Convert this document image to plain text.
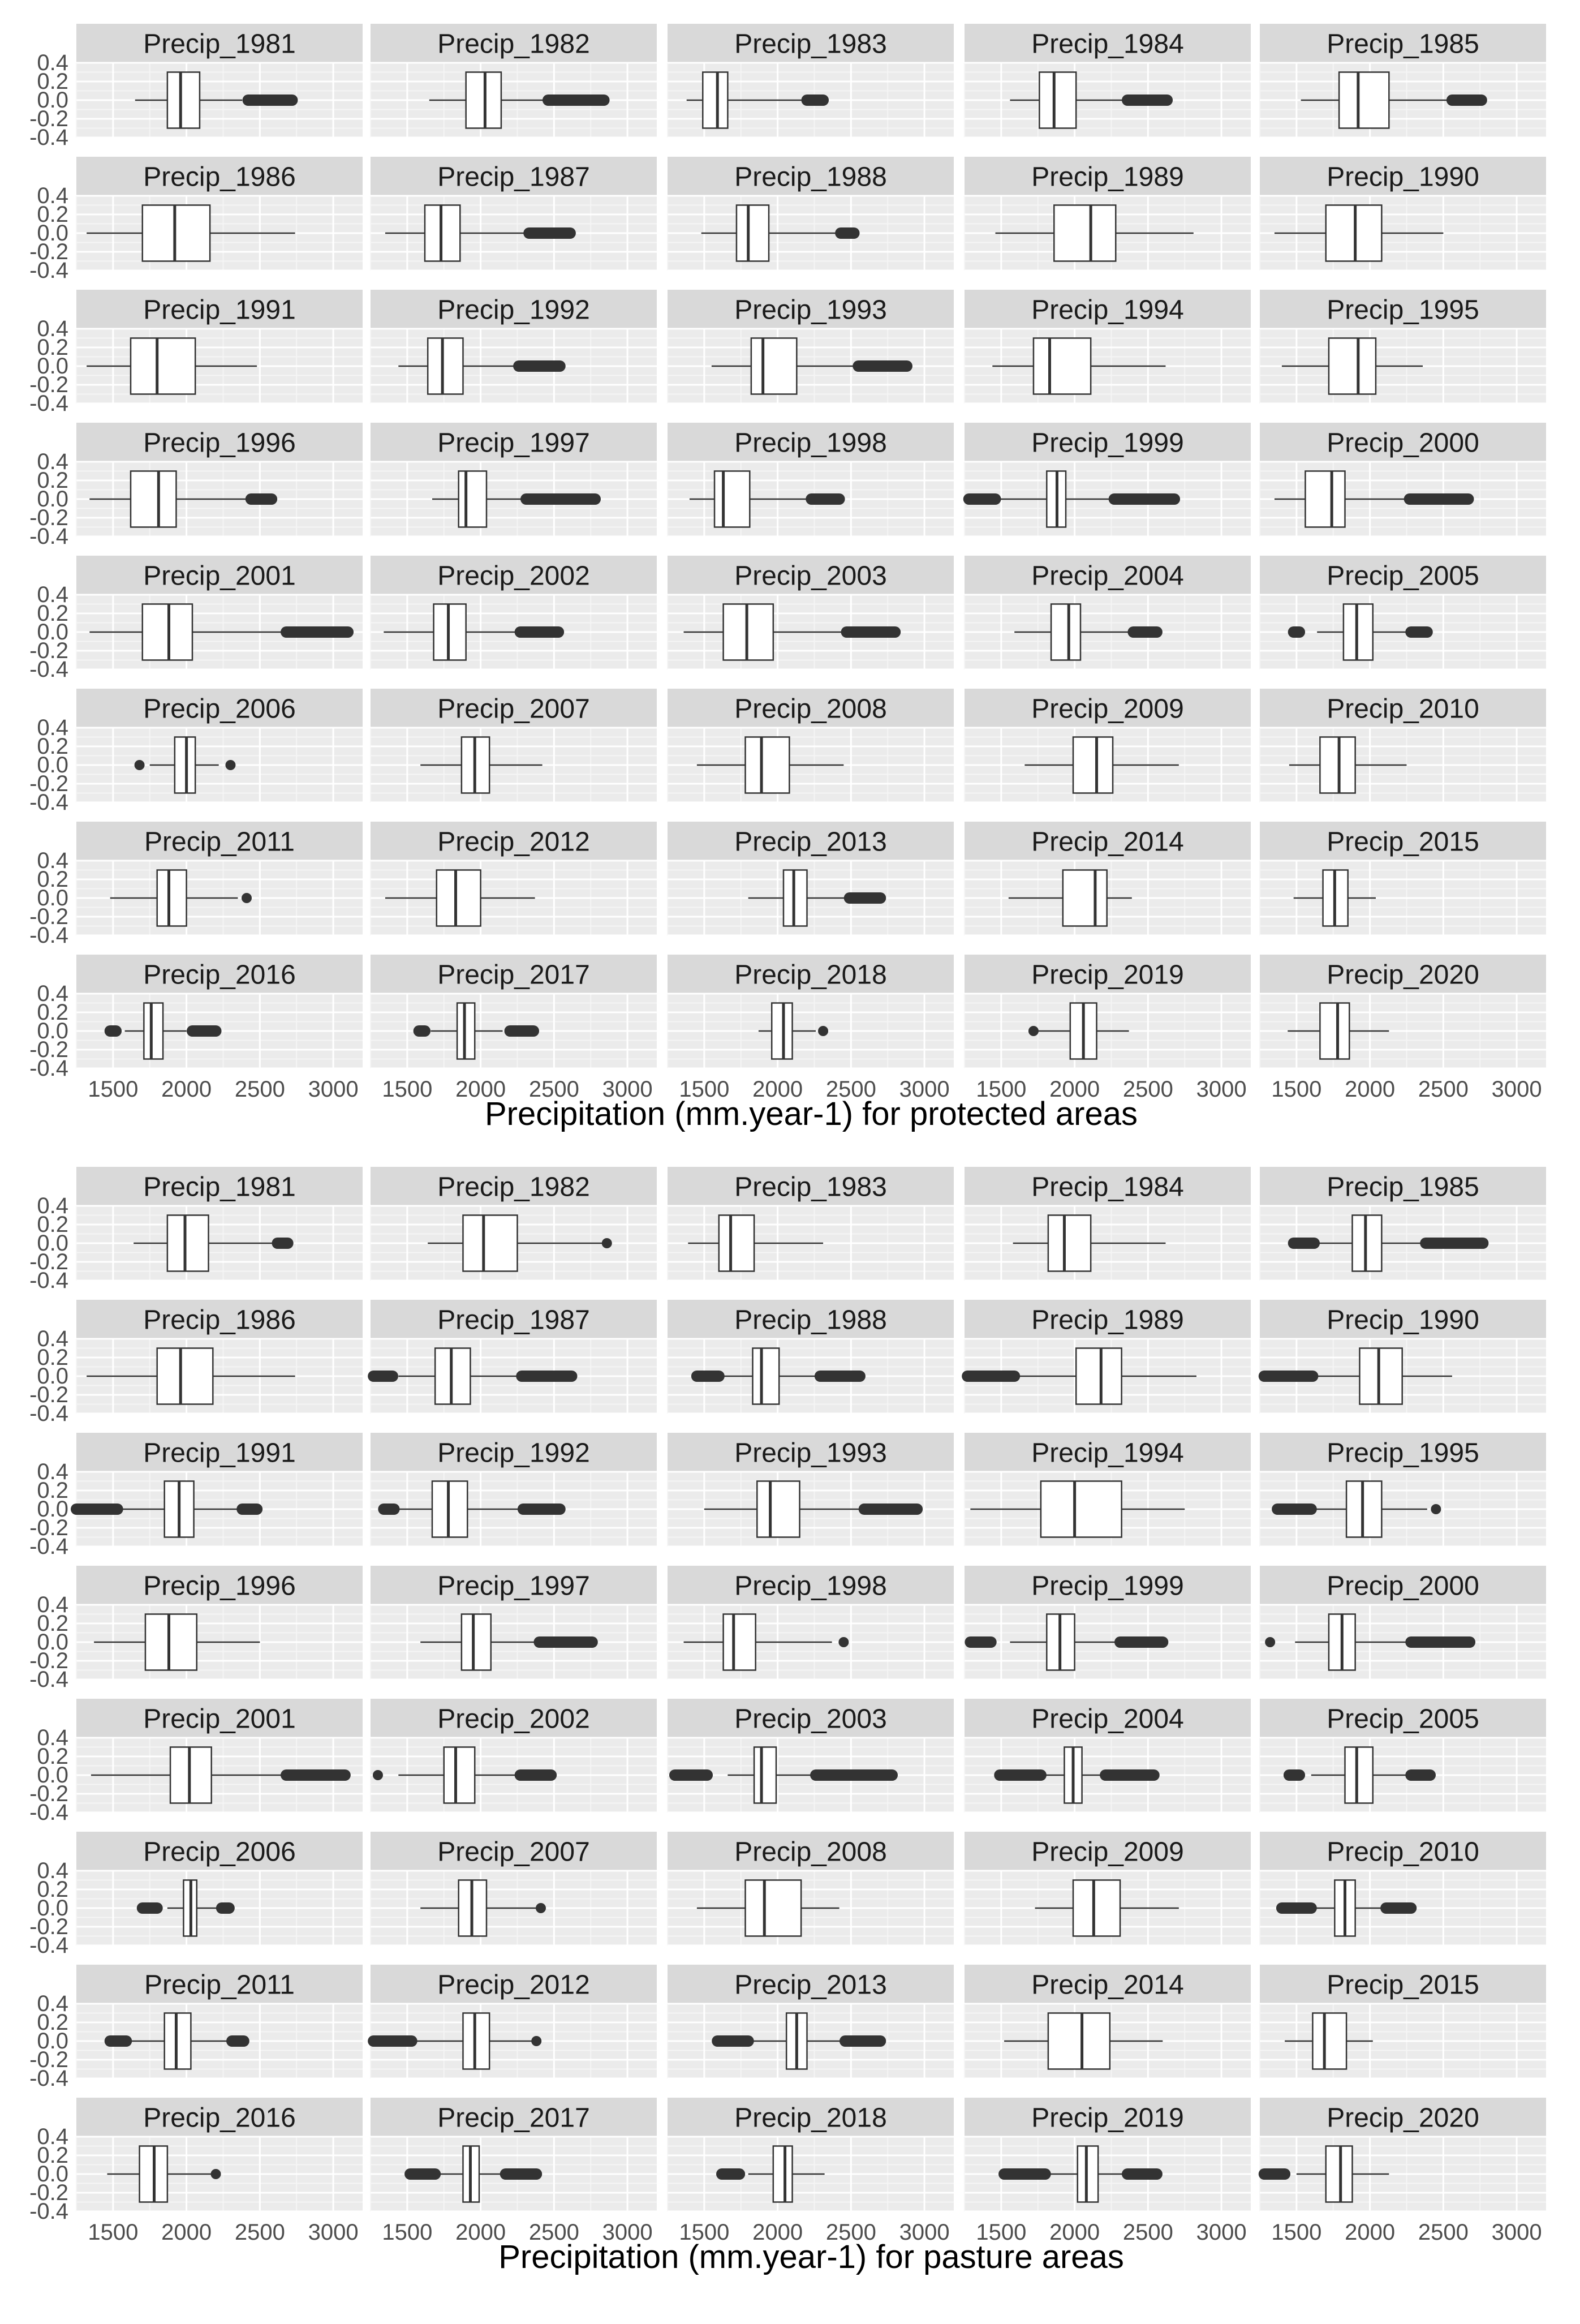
Precip_1981
0.4
0.2
0.0
-0.2
-0.4
Precip_1982	Precip_1983	Precip_1984	Precip_1985
Precip_1986
0.4
0.2
0.0
-0.2
-0.4
Precip_1987	Precip_1988	Precip_1989	Precip_1990
Precip_1991
0.4
0.2
0.0
-0.2
-0.4
Precip_1992	Precip_1993	Precip_1994	Precip_1995
Precip_1996
0.4
0.2
0.0
-0.2
-0.4
Precip_1997	Precip_1998	Precip_1999	Precip_2000
Precip_2001
0.4
0.2
0.0
-0.2
-0.4
Precip_2002	Precip_2003	Precip_2004	Precip_2005
Precip_2006
0.4
0.2
0.0
-0.2
-0.4
Precip_2007	Precip_2008	Precip_2009	Precip_2010
Precip_2011
0.4
0.2
0.0
-0.2
-0.4
Precip_2012	Precip_2013	Precip_2014	Precip_2015
Precip_2016
0.4
0.2
0.0
-0.2
-0.4
Precip_2017	Precip_2018	Precip_2019	Precip_2020
1500 2000 2500 3000 1500 2000 2500 3000 1500 2000 2500 3000 1500 2000 2500 3000 1500 2000 2500 3000
Precipitation (mm.year-1) for protected areas
Precip_1981
0.4
0.2
0.0
-0.2
-0.4
Precip_1982	Precip_1983	Precip_1984	Precip_1985
Precip_1986
0.4
0.2
0.0
-0.2
-0.4
Precip_1987	Precip_1988	Precip_1989	Precip_1990
Precip_1991
0.4
0.2
0.0
-0.2
-0.4
Precip_1992	Precip_1993	Precip_1994	Precip_1995
Precip_1996
0.4
0.2
0.0
-0.2
-0.4
Precip_1997	Precip_1998	Precip_1999	Precip_2000
Precip_2001
0.4
0.2
0.0
-0.2
-0.4
Precip_2002	Precip_2003	Precip_2004	Precip_2005
Precip_2006
0.4
0.2
0.0
-0.2
-0.4
Precip_2007	Precip_2008	Precip_2009	Precip_2010
Precip_2011
0.4
0.2
0.0
-0.2
-0.4
Precip_2012	Precip_2013	Precip_2014	Precip_2015
Precip_2016
0.4
0.2
0.0
-0.2
-0.4
Precip_2017	Precip_2018	Precip_2019	Precip_2020
1500 2000 2500 3000 1500 2000 2500 3000 1500 2000 2500 3000 1500 2000 2500 3000 1500 2000 2500 3000
Precipitation (mm.year-1) for pasture areas
